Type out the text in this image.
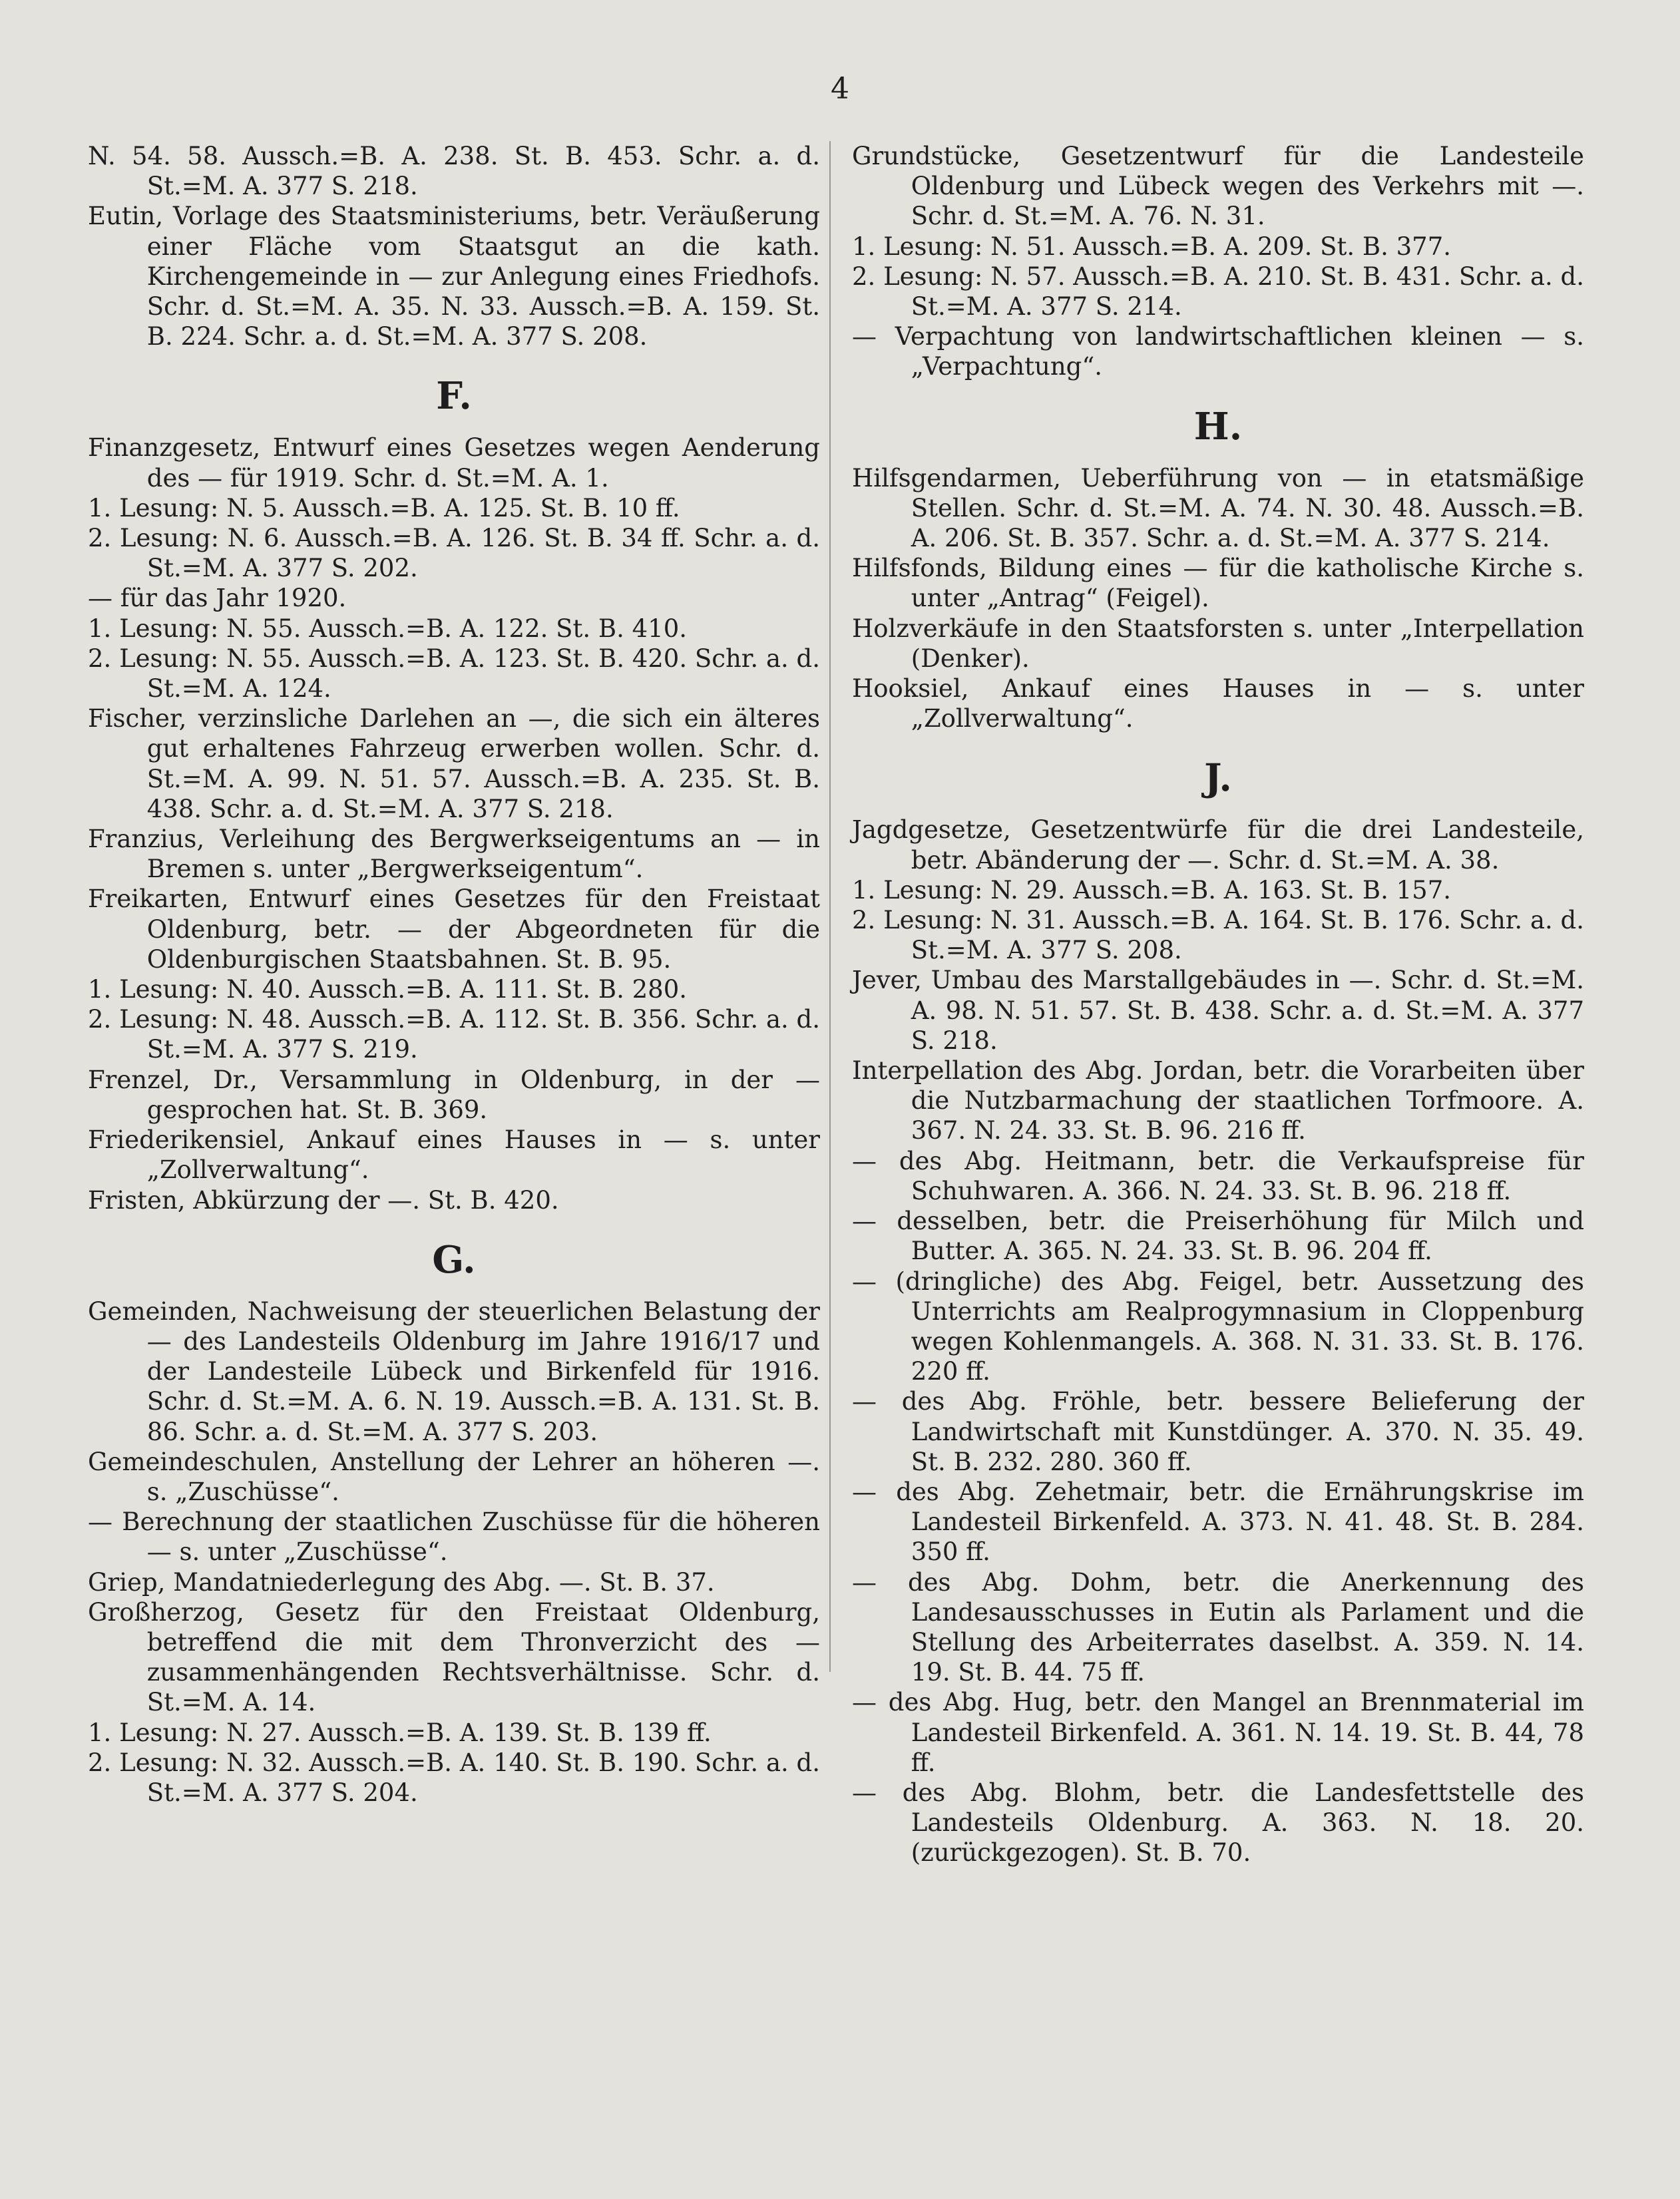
4
N. 54. 58. Aussch.=B. A. 238. St. B. 453. Schr. a. d. St.=M. A. 377 S. 218.
Eutin, Vorlage des Staatsministeriums, betr. Veräußerung einer Fläche vom Staatsgut an die kath. Kirchengemeinde in — zur Anlegung eines Friedhofs. Schr. d. St.=M. A. 35. N. 33. Aussch.=B. A. 159. St. B. 224. Schr. a. d. St.=M. A. 377 S. 208.
F.
Finanzgesetz, Entwurf eines Gesetzes wegen Aenderung des — für 1919. Schr. d. St.=M. A. 1.
1. Lesung: N. 5. Aussch.=B. A. 125. St. B. 10 ff.
2. Lesung: N. 6. Aussch.=B. A. 126. St. B. 34 ff. Schr. a. d. St.=M. A. 377 S. 202.
— für das Jahr 1920.
1. Lesung: N. 55. Aussch.=B. A. 122. St. B. 410.
2. Lesung: N. 55. Aussch.=B. A. 123. St. B. 420. Schr. a. d. St.=M. A. 124.
Fischer, verzinsliche Darlehen an —, die sich ein älteres gut erhaltenes Fahrzeug erwerben wollen. Schr. d. St.=M. A. 99. N. 51. 57. Aussch.=B. A. 235. St. B. 438. Schr. a. d. St.=M. A. 377 S. 218.
Franzius, Verleihung des Bergwerkseigentums an — in Bremen s. unter „Bergwerkseigentum“.
Freikarten, Entwurf eines Gesetzes für den Freistaat Oldenburg, betr. — der Abgeordneten für die Oldenburgischen Staatsbahnen. St. B. 95.
1. Lesung: N. 40. Aussch.=B. A. 111. St. B. 280.
2. Lesung: N. 48. Aussch.=B. A. 112. St. B. 356. Schr. a. d. St.=M. A. 377 S. 219.
Frenzel, Dr., Versammlung in Oldenburg, in der — gesprochen hat. St. B. 369.
Friederikensiel, Ankauf eines Hauses in — s. unter „Zollverwaltung“.
Fristen, Abkürzung der —. St. B. 420.
G.
Gemeinden, Nachweisung der steuerlichen Belastung der — des Landesteils Oldenburg im Jahre 1916/17 und der Landesteile Lübeck und Birkenfeld für 1916. Schr. d. St.=M. A. 6. N. 19. Aussch.=B. A. 131. St. B. 86. Schr. a. d. St.=M. A. 377 S. 203.
Gemeindeschulen, Anstellung der Lehrer an höheren —. s. „Zuschüsse“.
— Berechnung der staatlichen Zuschüsse für die höheren — s. unter „Zuschüsse“.
Griep, Mandatniederlegung des Abg. —. St. B. 37.
Großherzog, Gesetz für den Freistaat Oldenburg, betreffend die mit dem Thronverzicht des — zusammenhängenden Rechtsverhältnisse. Schr. d. St.=M. A. 14.
1. Lesung: N. 27. Aussch.=B. A. 139. St. B. 139 ff.
2. Lesung: N. 32. Aussch.=B. A. 140. St. B. 190. Schr. a. d. St.=M. A. 377 S. 204.
Grundstücke, Gesetzentwurf für die Landesteile Oldenburg und Lübeck wegen des Verkehrs mit —. Schr. d. St.=M. A. 76. N. 31.
1. Lesung: N. 51. Aussch.=B. A. 209. St. B. 377.
2. Lesung: N. 57. Aussch.=B. A. 210. St. B. 431. Schr. a. d. St.=M. A. 377 S. 214.
— Verpachtung von landwirtschaftlichen kleinen — s. „Verpachtung“.
H.
Hilfsgendarmen, Ueberführung von — in etatsmäßige Stellen. Schr. d. St.=M. A. 74. N. 30. 48. Aussch.=B. A. 206. St. B. 357. Schr. a. d. St.=M. A. 377 S. 214.
Hilfsfonds, Bildung eines — für die katholische Kirche s. unter „Antrag“ (Feigel).
Holzverkäufe in den Staatsforsten s. unter „Interpellation (Denker).
Hooksiel, Ankauf eines Hauses in — s. unter „Zollverwaltung“.
J.
Jagdgesetze, Gesetzentwürfe für die drei Landesteile, betr. Abänderung der —. Schr. d. St.=M. A. 38.
1. Lesung: N. 29. Aussch.=B. A. 163. St. B. 157.
2. Lesung: N. 31. Aussch.=B. A. 164. St. B. 176. Schr. a. d. St.=M. A. 377 S. 208.
Jever, Umbau des Marstallgebäudes in —. Schr. d. St.=M. A. 98. N. 51. 57. St. B. 438. Schr. a. d. St.=M. A. 377 S. 218.
Interpellation des Abg. Jordan, betr. die Vorarbeiten über die Nutzbarmachung der staatlichen Torfmoore. A. 367. N. 24. 33. St. B. 96. 216 ff.
— des Abg. Heitmann, betr. die Verkaufspreise für Schuhwaren. A. 366. N. 24. 33. St. B. 96. 218 ff.
— desselben, betr. die Preiserhöhung für Milch und Butter. A. 365. N. 24. 33. St. B. 96. 204 ff.
— (dringliche) des Abg. Feigel, betr. Aussetzung des Unterrichts am Realprogymnasium in Cloppenburg wegen Kohlenmangels. A. 368. N. 31. 33. St. B. 176. 220 ff.
— des Abg. Fröhle, betr. bessere Belieferung der Landwirtschaft mit Kunstdünger. A. 370. N. 35. 49. St. B. 232. 280. 360 ff.
— des Abg. Zehetmair, betr. die Ernährungskrise im Landesteil Birkenfeld. A. 373. N. 41. 48. St. B. 284. 350 ff.
— des Abg. Dohm, betr. die Anerkennung des Landesausschusses in Eutin als Parlament und die Stellung des Arbeiterrates daselbst. A. 359. N. 14. 19. St. B. 44. 75 ff.
— des Abg. Hug, betr. den Mangel an Brennmaterial im Landesteil Birkenfeld. A. 361. N. 14. 19. St. B. 44, 78 ff.
— des Abg. Blohm, betr. die Landesfettstelle des Landesteils Oldenburg. A. 363. N. 18. 20. (zurückgezogen). St. B. 70.
